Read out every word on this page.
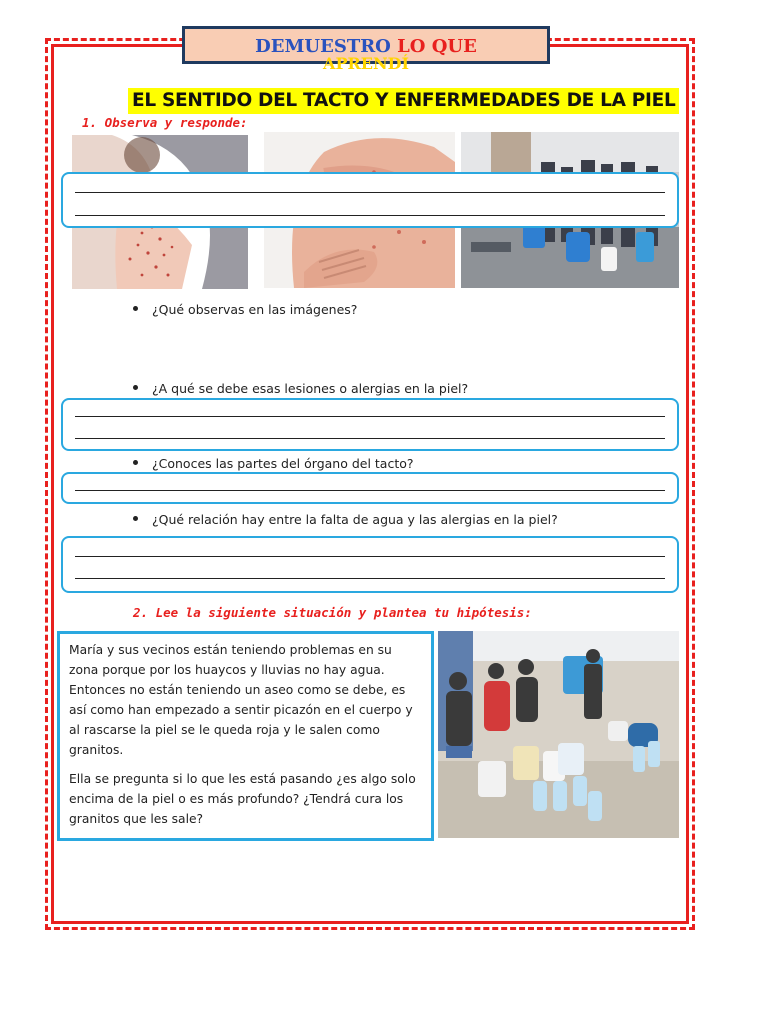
DEMUESTRO LO QUE
APRENDÍ
EL SENTIDO DEL TACTO Y ENFERMEDADES DE LA PIEL
1. Observa y responde:
¿Qué observas en las imágenes?
¿A qué se debe esas lesiones o alergias en la piel?
¿Conoces las partes del órgano del tacto?
¿Qué relación hay entre la falta de agua y las alergias en la piel?
2. Lee la siguiente situación y plantea tu hipótesis:

María y sus vecinos están teniendo problemas en su zona porque por los huaycos y lluvias no hay agua. Entonces no están teniendo un aseo como se debe, es así como han empezado a sentir picazón en el cuerpo y al rascarse la piel se le queda roja y le salen como granitos.

Ella se pregunta si lo que les está pasando ¿es algo solo encima de la piel o es más profundo? ¿Tendrá cura los granitos que les sale?
